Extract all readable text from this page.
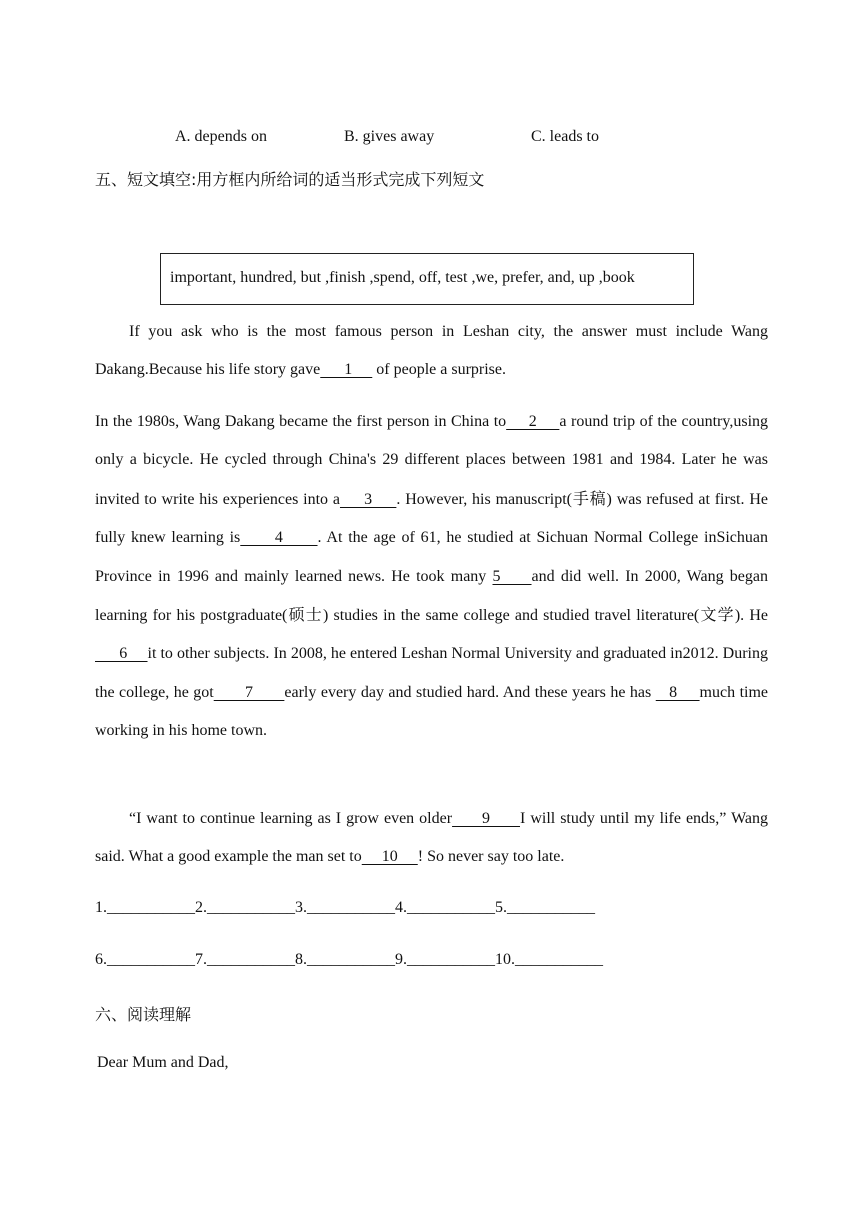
A. depends on	B. gives away	C. leads to
五、短文填空:用方框内所给词的适当形式完成下列短文
important, hundred, but ,finish ,spend, off, test ,we, prefer, and, up ,book
If you ask who is the most famous person in Leshan city, the answer must include Wang Dakang.Because his life story gave      1      of people a surprise.
In the 1980s, Wang Dakang became the first person in China to     2     a round trip of the country,using only a bicycle. He cycled through China's 29 different places between 1981 and 1984. Later he was invited to write his experiences into a     3     . However, his manuscript(手稿) was refused at first. He fully knew learning is      4      . At the age of 61, he studied at Sichuan Normal College inSichuan Province in 1996 and mainly learned news. He took many 5     and did well. In 2000, Wang began learning for his postgraduate(硕士) studies in the same college and studied travel literature(文学). He      6     it to other subjects. In 2008, he entered Leshan Normal University and graduated in2012. During the college, he got       7       early every day and studied hard. And these years he has    8     much time working in his home town.
“I want to continue learning as I grow even older      9      I will study until my life ends,” Wang said. What a good example the man set to     10     ! So never say too late.
1.___________2.___________3.___________4.___________5.___________
6.___________7.___________8.___________9.___________10.___________
六、阅读理解
Dear Mum and Dad,
